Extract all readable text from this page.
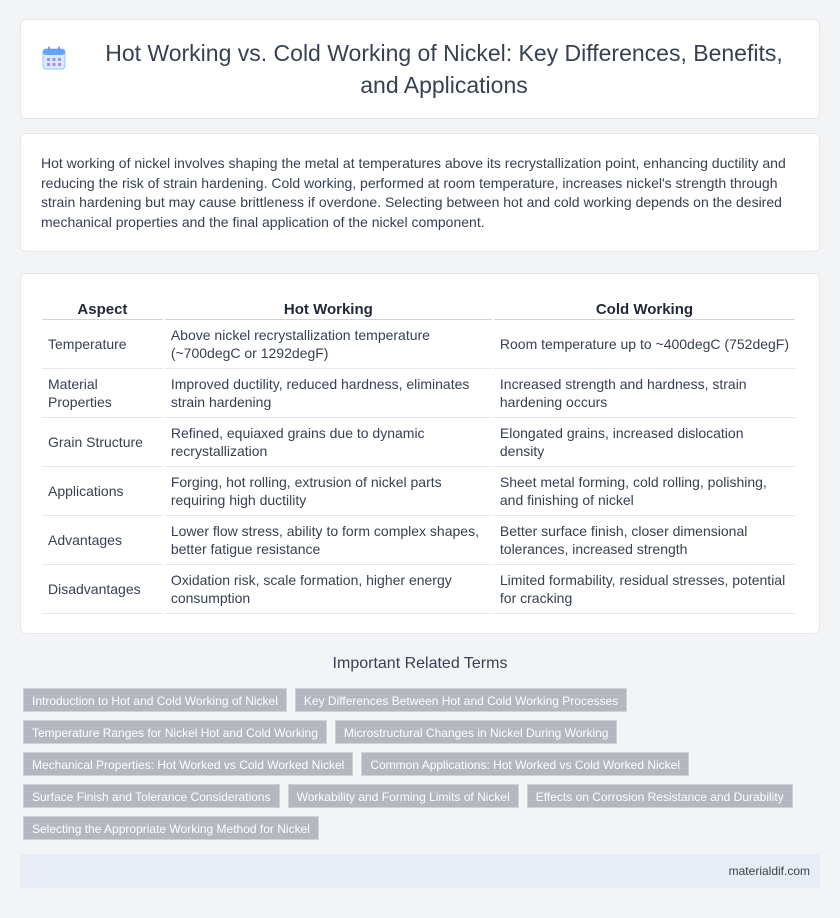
Hot Working vs. Cold Working of Nickel: Key Differences, Benefits, and Applications

Hot working of nickel involves shaping the metal at temperatures above its recrystallization point, enhancing ductility and reducing the risk of strain hardening. Cold working, performed at room temperature, increases nickel's strength through strain hardening but may cause brittleness if overdone. Selecting between hot and cold working depends on the desired mechanical properties and the final application of the nickel component.

Aspect	Hot Working	Cold Working
Temperature	Above nickel recrystallization temperature (~700degC or 1292degF)	Room temperature up to ~400degC (752degF)
Material Properties	Improved ductility, reduced hardness, eliminates strain hardening	Increased strength and hardness, strain hardening occurs
Grain Structure	Refined, equiaxed grains due to dynamic recrystallization	Elongated grains, increased dislocation density
Applications	Forging, hot rolling, extrusion of nickel parts requiring high ductility	Sheet metal forming, cold rolling, polishing, and finishing of nickel
Advantages	Lower flow stress, ability to form complex shapes, better fatigue resistance	Better surface finish, closer dimensional tolerances, increased strength
Disadvantages	Oxidation risk, scale formation, higher energy consumption	Limited formability, residual stresses, potential for cracking
Important Related Terms
Introduction to Hot and Cold Working of Nickel	Key Differences Between Hot and Cold Working Processes
Temperature Ranges for Nickel Hot and Cold Working	Microstructural Changes in Nickel During Working
Mechanical Properties: Hot Worked vs Cold Worked Nickel	Common Applications: Hot Worked vs Cold Worked Nickel
Surface Finish and Tolerance Considerations	Workability and Forming Limits of Nickel	Effects on Corrosion Resistance and Durability
Selecting the Appropriate Working Method for Nickel
materialdif.com
